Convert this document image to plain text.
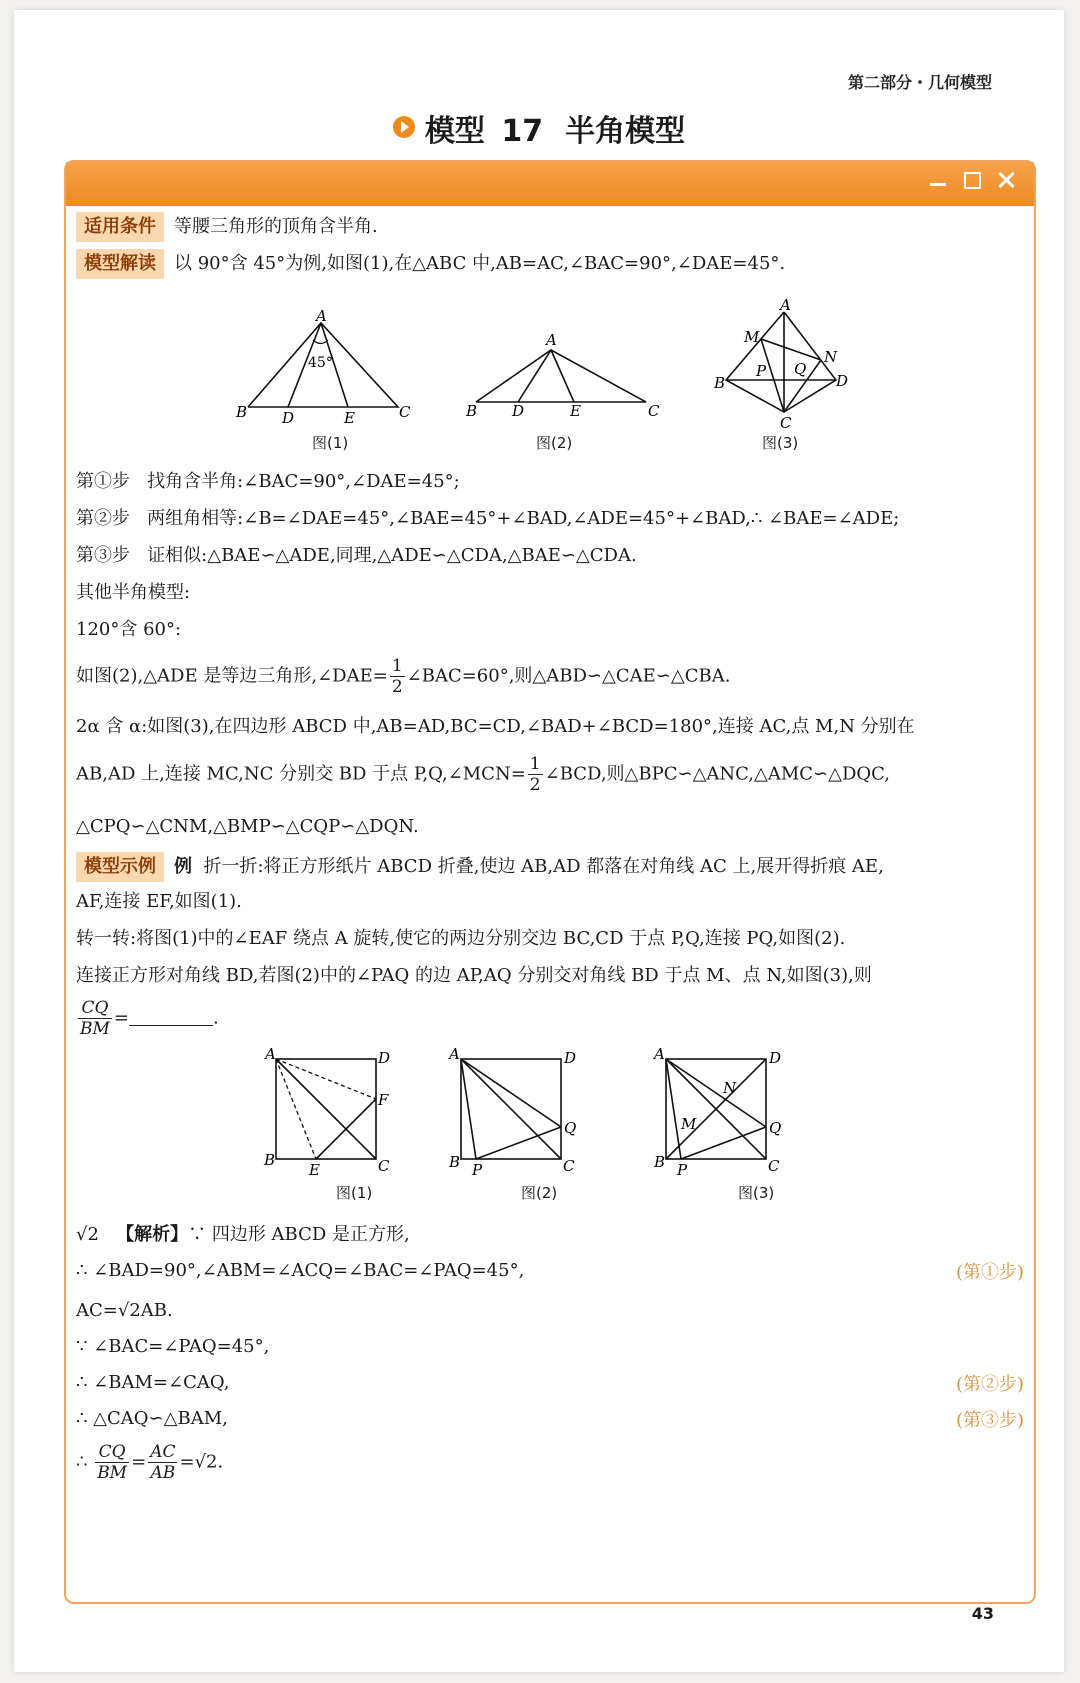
第二部分・几何模型
模型 17 半角模型
适用条件 等腰三角形的顶角含半角.
模型解读 以 90°含 45°为例,如图(1),在△ABC 中,AB=AC,∠BAC=90°,∠DAE=45°.
A
B D	E	C
45°
图(1)
A
B D	E	C
图(2)
A
M
N
P Q
B	D
C
图(3)
第①步 找角含半角:∠BAC=90°,∠DAE=45°;
第②步 两组角相等:∠B=∠DAE=45°,∠BAE=45°+∠BAD,∠ADE=45°+∠BAD,∴ ∠BAE=∠ADE;
第③步 证相似:△BAE∽△ADE,同理,△ADE∽△CDA,△BAE∽△CDA.
其他半角模型:
120°含 60°:
如图(2),△ADE 是等边三角形,∠DAE= $\frac{1}{2}$ ∠BAC=60°,则△ABD∽△CAE∽△CBA.
2α 含 α:如图(3),在四边形 ABCD 中,AB=AD,BC=CD,∠BAD+∠BCD=180°,连接 AC,点 M,N 分别在
AB,AD 上,连接 MC,NC 分别交 BD 于点 P,Q,∠MCN= $\frac{1}{2}$ ∠BCD,则△BPC∽△ANC,△AMC∽△DQC,
△CPQ∽△CNM,△BMP∽△CQP∽△DQN.
模型示例 例 折一折:将正方形纸片 ABCD 折叠,使边 AB,AD 都落在对角线 AC 上,展开得折痕 AE,
AF,连接 EF,如图(1).
转一转:将图(1)中的∠EAF 绕点 A 旋转,使它的两边分别交边 BC,CD 于点 P,Q,连接 PQ,如图(2).
连接正方形对角线 BD,若图(2)中的∠PAQ 的边 AP,AQ 分别交对角线 BD 于点 M、点 N,如图(3),则
$\frac{CQ}{BM}$ =	.
A	D
F
B
E	C
图(1)
A	D
Q
B P	C
图(2)
A	D
N
M	Q
B P	C
图(3)
√2 【解析】∵ 四边形 ABCD 是正方形,
∴ ∠BAD=90°,∠ABM=∠ACQ=∠BAC=∠PAQ=45°,	(第①步)
AC=√2AB.
∵ ∠BAC=∠PAQ=45°,
∴ ∠BAM=∠CAQ,	(第②步)
∴ △CAQ∽△BAM,	(第③步)
∴ $\frac{CQ}{BM} = \frac{AC}{AB} =√2$.
43
